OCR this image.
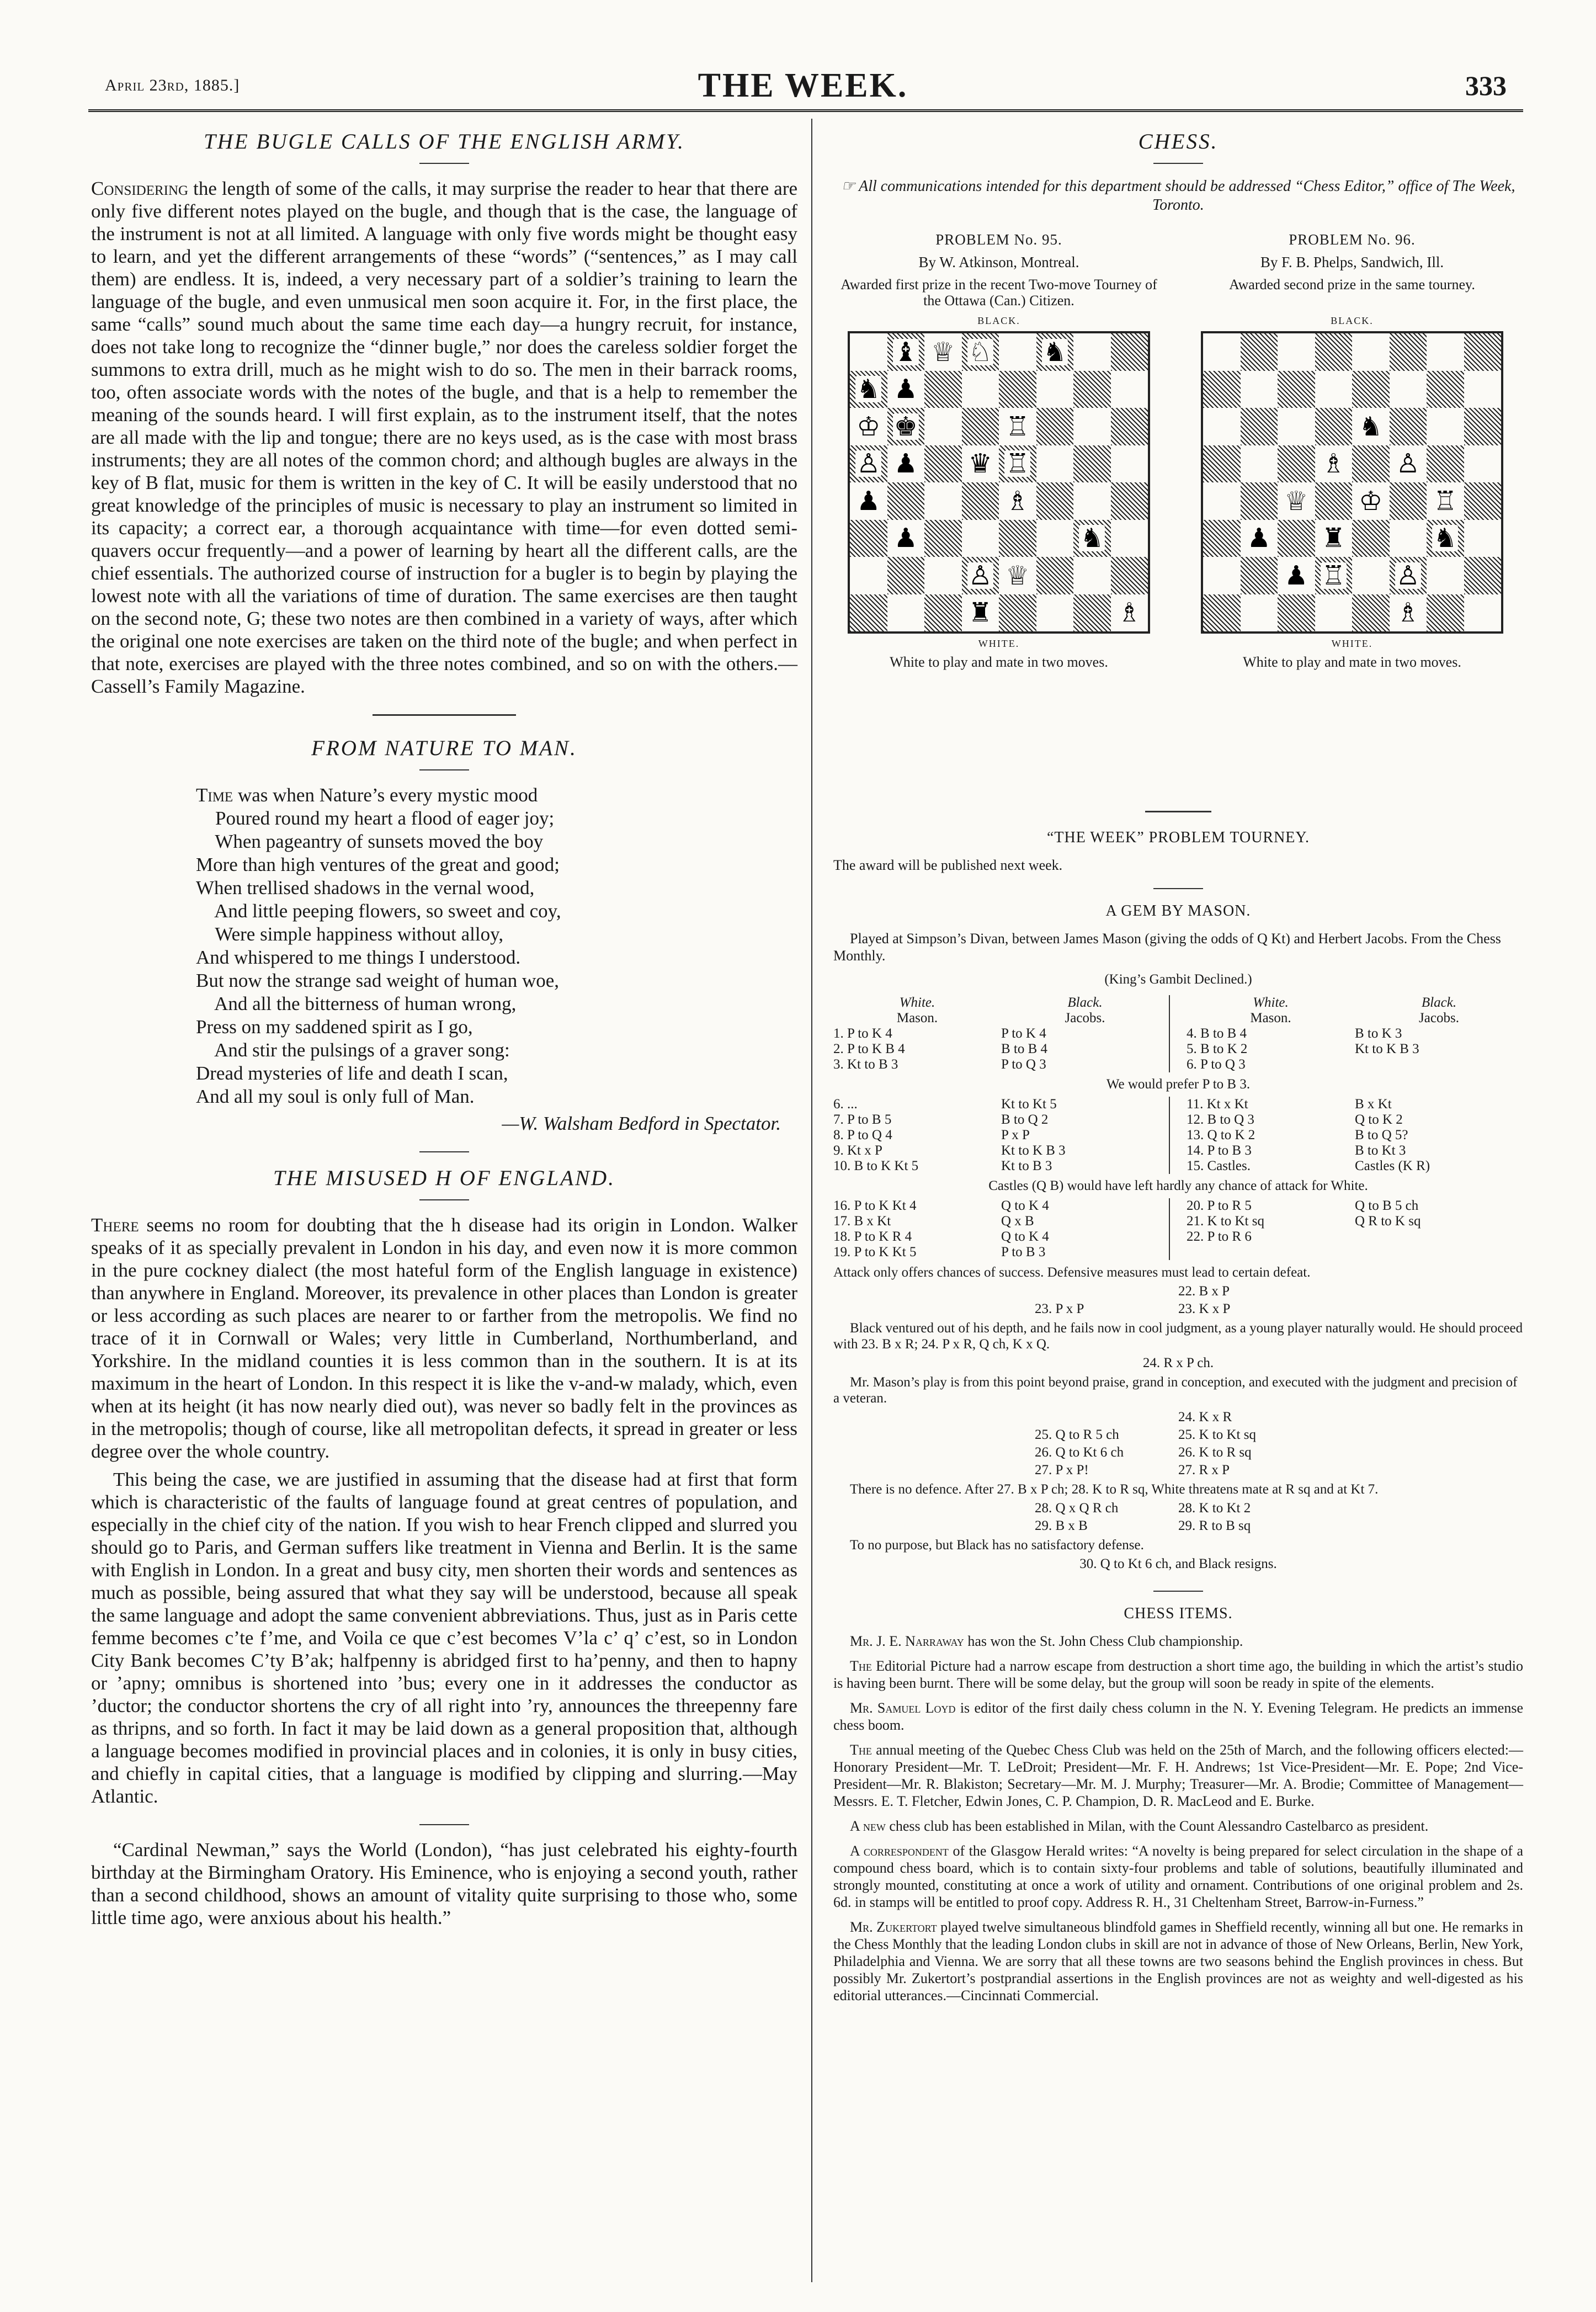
April 23rd, 1885.]	THE WEEK.	333
THE BUGLE CALLS OF THE ENGLISH ARMY.

Considering the length of some of the calls, it may surprise the reader to hear that there are only five different notes played on the bugle, and though that is the case, the language of the instrument is not at all limited. A language with only five words might be thought easy to learn, and yet the different arrangements of these “words” (“sentences,” as I may call them) are endless. It is, indeed, a very necessary part of a soldier’s training to learn the language of the bugle, and even unmusical men soon acquire it. For, in the first place, the same “calls” sound much about the same time each day—a hungry recruit, for instance, does not take long to recognize the “dinner bugle,” nor does the careless soldier forget the summons to extra drill, much as he might wish to do so. The men in their barrack rooms, too, often associate words with the notes of the bugle, and that is a help to remember the meaning of the sounds heard. I will first explain, as to the instrument itself, that the notes are all made with the lip and tongue; there are no keys used, as is the case with most brass instruments; they are all notes of the common chord; and although bugles are always in the key of B flat, music for them is written in the key of C. It will be easily understood that no great knowledge of the principles of music is necessary to play an instrument so limited in its capacity; a correct ear, a thorough acquaintance with time—for even dotted semi-quavers occur frequently—and a power of learning by heart all the different calls, are the chief essentials. The authorized course of instruction for a bugler is to begin by playing the lowest note with all the variations of time of duration. The same exercises are then taught on the second note, G; these two notes are then combined in a variety of ways, after which the original one note exercises are taken on the third note of the bugle; and when perfect in that note, exercises are played with the three notes combined, and so on with the others.—Cassell’s Family Magazine.

FROM NATURE TO MAN.
Time was when Nature’s every mystic mood
Poured round my heart a flood of eager joy;
When pageantry of sunsets moved the boy
More than high ventures of the great and good;
When trellised shadows in the vernal wood,
And little peeping flowers, so sweet and coy,
Were simple happiness without alloy,
And whispered to me things I understood.
But now the strange sad weight of human woe,
And all the bitterness of human wrong,
Press on my saddened spirit as I go,
And stir the pulsings of a graver song:
Dread mysteries of life and death I scan,
And all my soul is only full of Man.
—W. Walsham Bedford in Spectator.
THE MISUSED H OF ENGLAND.

There seems no room for doubting that the h disease had its origin in London. Walker speaks of it as specially prevalent in London in his day, and even now it is more common in the pure cockney dialect (the most hateful form of the English language in existence) than anywhere in England. Moreover, its prevalence in other places than London is greater or less according as such places are nearer to or farther from the metropolis. We find no trace of it in Cornwall or Wales; very little in Cumberland, Northumberland, and Yorkshire. In the midland counties it is less common than in the southern. It is at its maximum in the heart of London. In this respect it is like the v-and-w malady, which, even when at its height (it has now nearly died out), was never so badly felt in the provinces as in the metropolis; though of course, like all metropolitan defects, it spread in greater or less degree over the whole country.

This being the case, we are justified in assuming that the disease had at first that form which is characteristic of the faults of language found at great centres of population, and especially in the chief city of the nation. If you wish to hear French clipped and slurred you should go to Paris, and German suffers like treatment in Vienna and Berlin. It is the same with English in London. In a great and busy city, men shorten their words and sentences as much as possible, being assured that what they say will be understood, because all speak the same language and adopt the same convenient abbreviations. Thus, just as in Paris cette femme becomes c’te f’me, and Voila ce que c’est becomes V’la c’ q’ c’est, so in London City Bank becomes C’ty B’ak; halfpenny is abridged first to ha’penny, and then to hapny or ’apny; omnibus is shortened into ’bus; every one in it addresses the conductor as ’ductor; the conductor shortens the cry of all right into ’ry, announces the threepenny fare as thripns, and so forth. In fact it may be laid down as a general proposition that, although a language becomes modified in provincial places and in colonies, it is only in busy cities, and chiefly in capital cities, that a language is modified by clipping and slurring.—May Atlantic.

“Cardinal Newman,” says the World (London), “has just celebrated his eighty-fourth birthday at the Birmingham Oratory. His Eminence, who is enjoying a second youth, rather than a second childhood, shows an amount of vitality quite surprising to those who, some little time ago, were anxious about his health.”

CHESS.
☞ All communications intended for this department should be addressed “Chess Editor,” office of The Week, Toronto.
PROBLEM No. 95.
By W. Atkinson, Montreal.
Awarded first prize in the recent Two-move Tourney of the Ottawa (Can.) Citizen.
BLACK.
♝ ♕ ♘ ♞
♞ ♟
♔ ♚	♖
♙ ♟ ♛ ♖
♟	♗
♟	♞
♙ ♕
♜	♗
WHITE.
White to play and mate in two moves.
PROBLEM No. 96.
By F. B. Phelps, Sandwich, Ill.
Awarded second prize in the same tourney.
BLACK.
♞
♗ ♙
♕ ♔ ♖
♟ ♜	♞
♟ ♖ ♙
♗
WHITE.
White to play and mate in two moves.
“THE WEEK” PROBLEM TOURNEY.
The award will be published next week.
A GEM BY MASON.
Played at Simpson’s Divan, between James Mason (giving the odds of Q Kt) and Herbert Jacobs. From the Chess Monthly.
(King’s Gambit Declined.)
White.	Black.
Mason.	Jacobs.
1. P to K 4	P to K 4
2. P to K B 4	B to B 4
3. Kt to B 3	P to Q 3
White.	Black.
Mason.	Jacobs.
4. B to B 4	B to K 3
5. B to K 2	Kt to K B 3
6. P to Q 3
We would prefer P to B 3.
6. ...	Kt to Kt 5
7. P to B 5	B to Q 2
8. P to Q 4	P x P
9. Kt x P	Kt to K B 3
10. B to K Kt 5	Kt to B 3
11. Kt x Kt	B x Kt
12. B to Q 3	Q to K 2
13. Q to K 2	B to Q 5?
14. P to B 3	B to Kt 3
15. Castles.	Castles (K R)
Castles (Q B) would have left hardly any chance of attack for White.
16. P to K Kt 4	Q to K 4
17. B x Kt	Q x B
18. P to K R 4	Q to K 4
19. P to K Kt 5	P to B 3
20. P to R 5	Q to B 5 ch
21. K to Kt sq	Q R to K sq
22. P to R 6
Attack only offers chances of success. Defensive measures must lead to certain defeat.
22. B x P
23. P x P	23. K x P
Black ventured out of his depth, and he fails now in cool judgment, as a young player naturally would. He should proceed with 23. B x R; 24. P x R, Q ch, K x Q.
24. R x P ch.
Mr. Mason’s play is from this point beyond praise, grand in conception, and executed with the judgment and precision of a veteran.
24. K x R
25. Q to R 5 ch	25. K to Kt sq
26. Q to Kt 6 ch	26. K to R sq
27. P x P!	27. R x P
There is no defence. After 27. B x P ch; 28. K to R sq, White threatens mate at R sq and at Kt 7.
28. Q x Q R ch	28. K to Kt 2
29. B x B	29. R to B sq
To no purpose, but Black has no satisfactory defense.
30. Q to Kt 6 ch, and Black resigns.
CHESS ITEMS.

Mr. J. E. Narraway has won the St. John Chess Club championship.

The Editorial Picture had a narrow escape from destruction a short time ago, the building in which the artist’s studio is having been burnt. There will be some delay, but the group will soon be ready in spite of the elements.

Mr. Samuel Loyd is editor of the first daily chess column in the N. Y. Evening Telegram. He predicts an immense chess boom.

The annual meeting of the Quebec Chess Club was held on the 25th of March, and the following officers elected:—Honorary President—Mr. T. LeDroit; President—Mr. F. H. Andrews; 1st Vice-President—Mr. E. Pope; 2nd Vice-President—Mr. R. Blakiston; Secretary—Mr. M. J. Murphy; Treasurer—Mr. A. Brodie; Committee of Management—Messrs. E. T. Fletcher, Edwin Jones, C. P. Champion, D. R. MacLeod and E. Burke.

A new chess club has been established in Milan, with the Count Alessandro Castelbarco as president.

A correspondent of the Glasgow Herald writes: “A novelty is being prepared for select circulation in the shape of a compound chess board, which is to contain sixty-four problems and table of solutions, beautifully illuminated and strongly mounted, constituting at once a work of utility and ornament. Contributions of one original problem and 2s. 6d. in stamps will be entitled to proof copy. Address R. H., 31 Cheltenham Street, Barrow-in-Furness.”

Mr. Zukertort played twelve simultaneous blindfold games in Sheffield recently, winning all but one. He remarks in the Chess Monthly that the leading London clubs in skill are not in advance of those of New Orleans, Berlin, New York, Philadelphia and Vienna. We are sorry that all these towns are two seasons behind the English provinces in chess. But possibly Mr. Zukertort’s postprandial assertions in the English provinces are not as weighty and well-digested as his editorial utterances.—Cincinnati Commercial.
